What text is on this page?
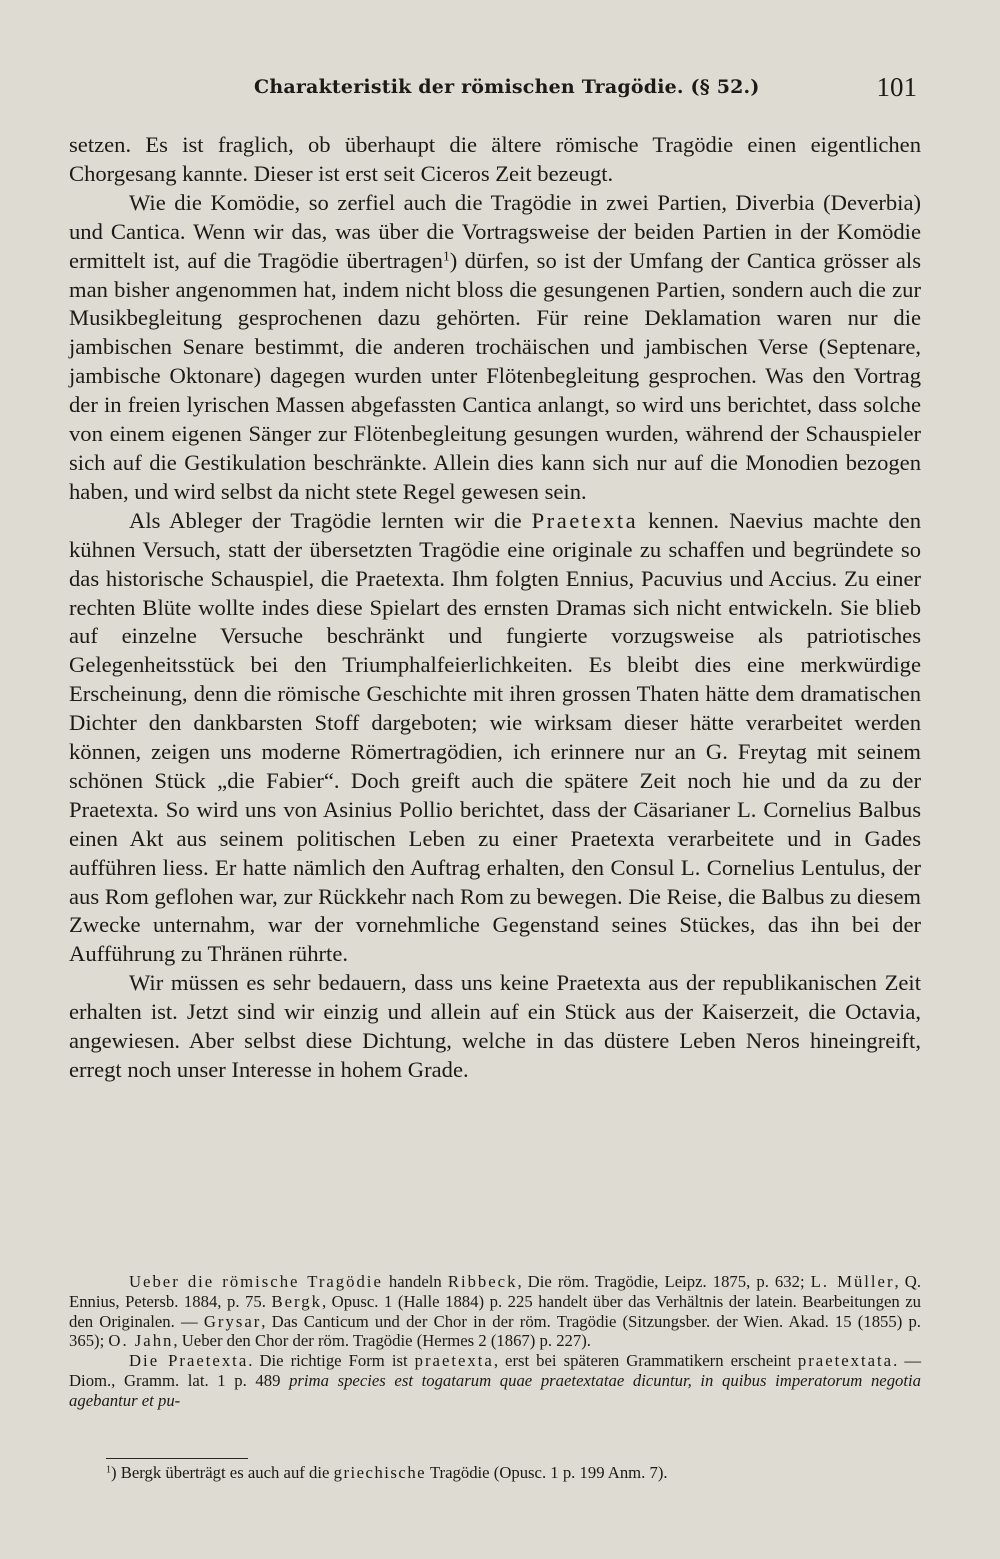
Charakteristik der römischen Tragödie. (§ 52.)	101

setzen. Es ist fraglich, ob überhaupt die ältere römische Tragödie einen eigentlichen Chorgesang kannte. Dieser ist erst seit Ciceros Zeit bezeugt.

Wie die Komödie, so zerfiel auch die Tragödie in zwei Partien, Diverbia (Deverbia) und Cantica. Wenn wir das, was über die Vortragsweise der beiden Partien in der Komödie ermittelt ist, auf die Tragödie übertragen$^1$) dürfen, so ist der Umfang der Cantica grösser als man bisher angenommen hat, indem nicht bloss die gesungenen Partien, sondern auch die zur Musikbegleitung gesprochenen dazu gehörten. Für reine Deklamation waren nur die jambischen Senare bestimmt, die anderen trochäischen und jambischen Verse (Septenare, jambische Oktonare) dagegen wurden unter Flötenbegleitung gesprochen. Was den Vortrag der in freien lyrischen Massen abgefassten Cantica anlangt, so wird uns berichtet, dass solche von einem eigenen Sänger zur Flötenbegleitung gesungen wurden, während der Schauspieler sich auf die Gestikulation beschränkte. Allein dies kann sich nur auf die Monodien bezogen haben, und wird selbst da nicht stete Regel gewesen sein.

Als Ableger der Tragödie lernten wir die Praetexta kennen. Naevius machte den kühnen Versuch, statt der übersetzten Tragödie eine originale zu schaffen und begründete so das historische Schauspiel, die Praetexta. Ihm folgten Ennius, Pacuvius und Accius. Zu einer rechten Blüte wollte indes diese Spielart des ernsten Dramas sich nicht entwickeln. Sie blieb auf einzelne Versuche beschränkt und fungierte vorzugsweise als patriotisches Gelegenheitsstück bei den Triumphalfeierlichkeiten. Es bleibt dies eine merkwürdige Erscheinung, denn die römische Geschichte mit ihren grossen Thaten hätte dem dramatischen Dichter den dankbarsten Stoff dargeboten; wie wirksam dieser hätte verarbeitet werden können, zeigen uns moderne Römertragödien, ich erinnere nur an G. Freytag mit seinem schönen Stück „die Fabier“. Doch greift auch die spätere Zeit noch hie und da zu der Praetexta. So wird uns von Asinius Pollio berichtet, dass der Cäsarianer L. Cornelius Balbus einen Akt aus seinem politischen Leben zu einer Praetexta verarbeitete und in Gades aufführen liess. Er hatte nämlich den Auftrag erhalten, den Consul L. Cornelius Lentulus, der aus Rom geflohen war, zur Rückkehr nach Rom zu bewegen. Die Reise, die Balbus zu diesem Zwecke unternahm, war der vornehmliche Gegenstand seines Stückes, das ihn bei der Aufführung zu Thränen rührte.

Wir müssen es sehr bedauern, dass uns keine Praetexta aus der republikanischen Zeit erhalten ist. Jetzt sind wir einzig und allein auf ein Stück aus der Kaiserzeit, die Octavia, angewiesen. Aber selbst diese Dichtung, welche in das düstere Leben Neros hineingreift, erregt noch unser Interesse in hohem Grade.

Ueber die römische Tragödie handeln Ribbeck, Die röm. Tragödie, Leipz. 1875, p. 632; L. Müller, Q. Ennius, Petersb. 1884, p. 75. Bergk, Opusc. 1 (Halle 1884) p. 225 handelt über das Verhältnis der latein. Bearbeitungen zu den Originalen. — Grysar, Das Canticum und der Chor in der röm. Tragödie (Sitzungsber. der Wien. Akad. 15 (1855) p. 365); O. Jahn, Ueber den Chor der röm. Tragödie (Hermes 2 (1867) p. 227).

Die Praetexta. Die richtige Form ist praetexta, erst bei späteren Grammatikern erscheint praetextata. — Diom., Gramm. lat. 1 p. 489 prima species est togatarum quae praetextatae dicuntur, in quibus imperatorum negotia agebantur et pu-

$^1$) Bergk überträgt es auch auf die griechische Tragödie (Opusc. 1 p. 199 Anm. 7).
